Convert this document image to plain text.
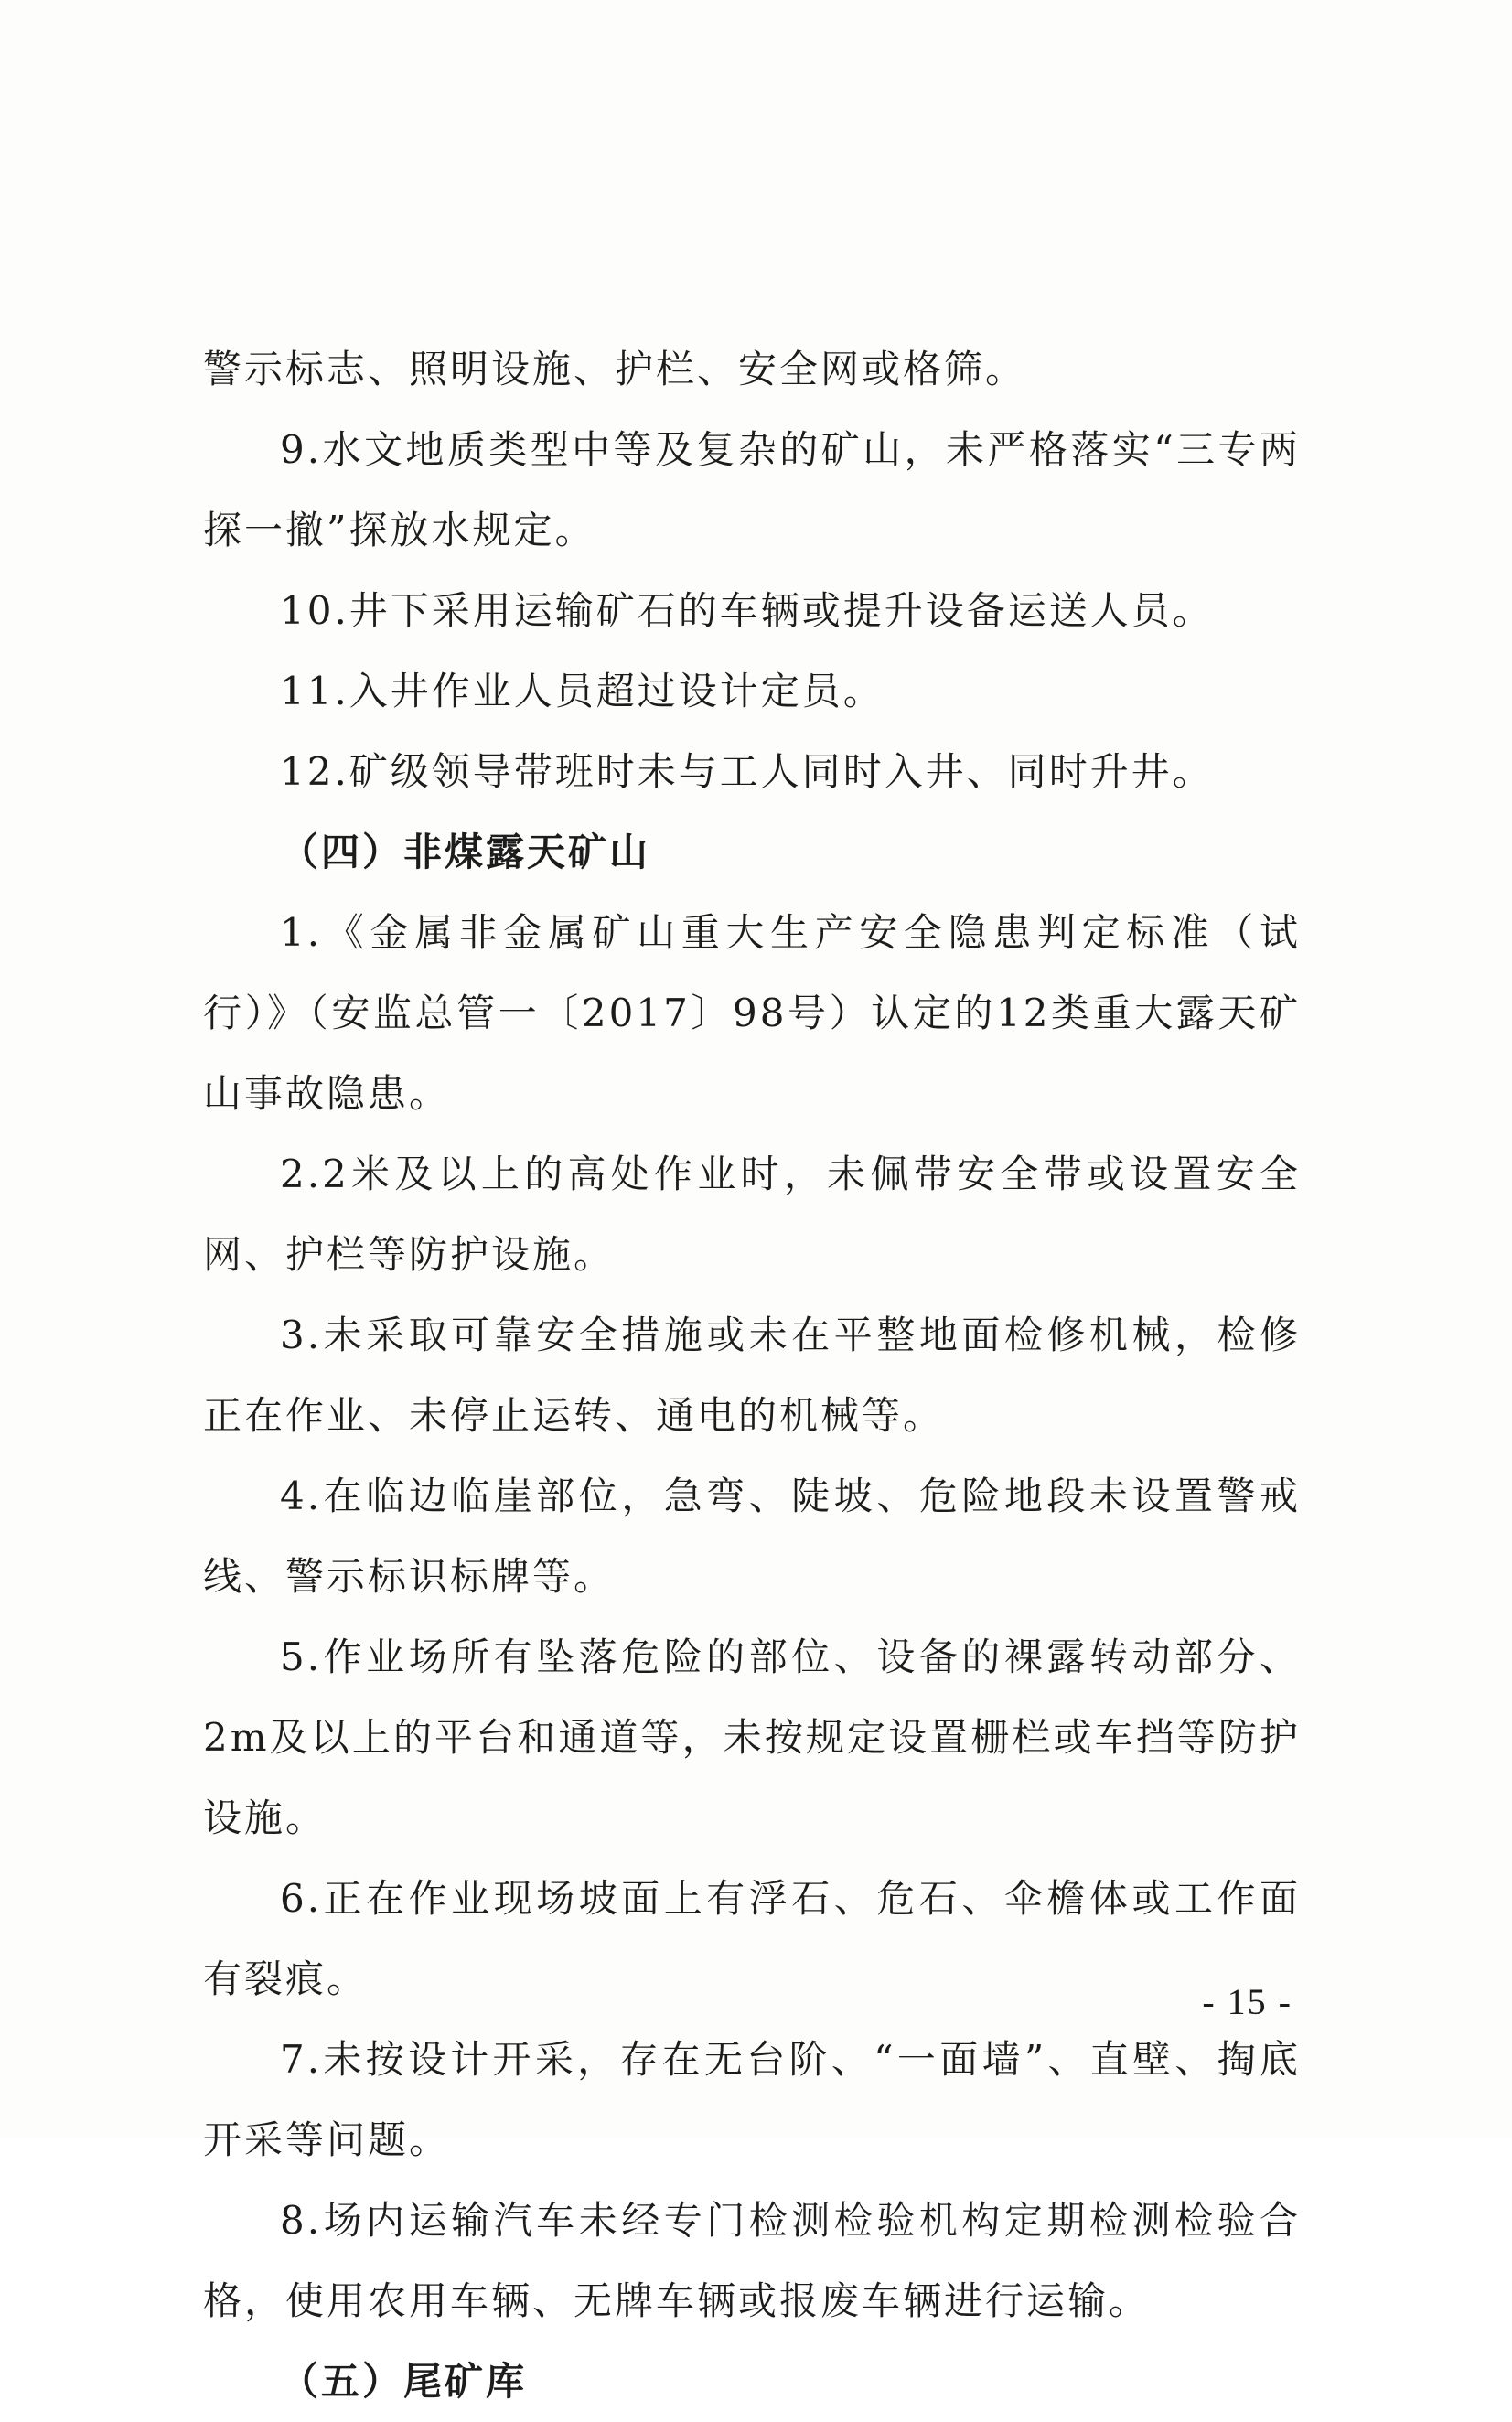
警示标志、照明设施、护栏、安全网或格筛。

9.水文地质类型中等及复杂的矿山，未严格落实“三专两探一撤”探放水规定。

10.井下采用运输矿石的车辆或提升设备运送人员。

11.入井作业人员超过设计定员。

12.矿级领导带班时未与工人同时入井、同时升井。

（四）非煤露天矿山

1.《金属非金属矿山重大生产安全隐患判定标准（试行）》（安监总管一〔2017〕98号）认定的12类重大露天矿山事故隐患。

2.2米及以上的高处作业时，未佩带安全带或设置安全网、护栏等防护设施。

3.未采取可靠安全措施或未在平整地面检修机械，检修正在作业、未停止运转、通电的机械等。

4.在临边临崖部位，急弯、陡坡、危险地段未设置警戒线、警示标识标牌等。

5.作业场所有坠落危险的部位、设备的裸露转动部分、2m及以上的平台和通道等，未按规定设置栅栏或车挡等防护设施。

6.正在作业现场坡面上有浮石、危石、伞檐体或工作面有裂痕。

7.未按设计开采，存在无台阶、“一面墙”、直壁、掏底开采等问题。

8.场内运输汽车未经专门检测检验机构定期检测检验合格，使用农用车辆、无牌车辆或报废车辆进行运输。

（五）尾矿库

- 15 -
